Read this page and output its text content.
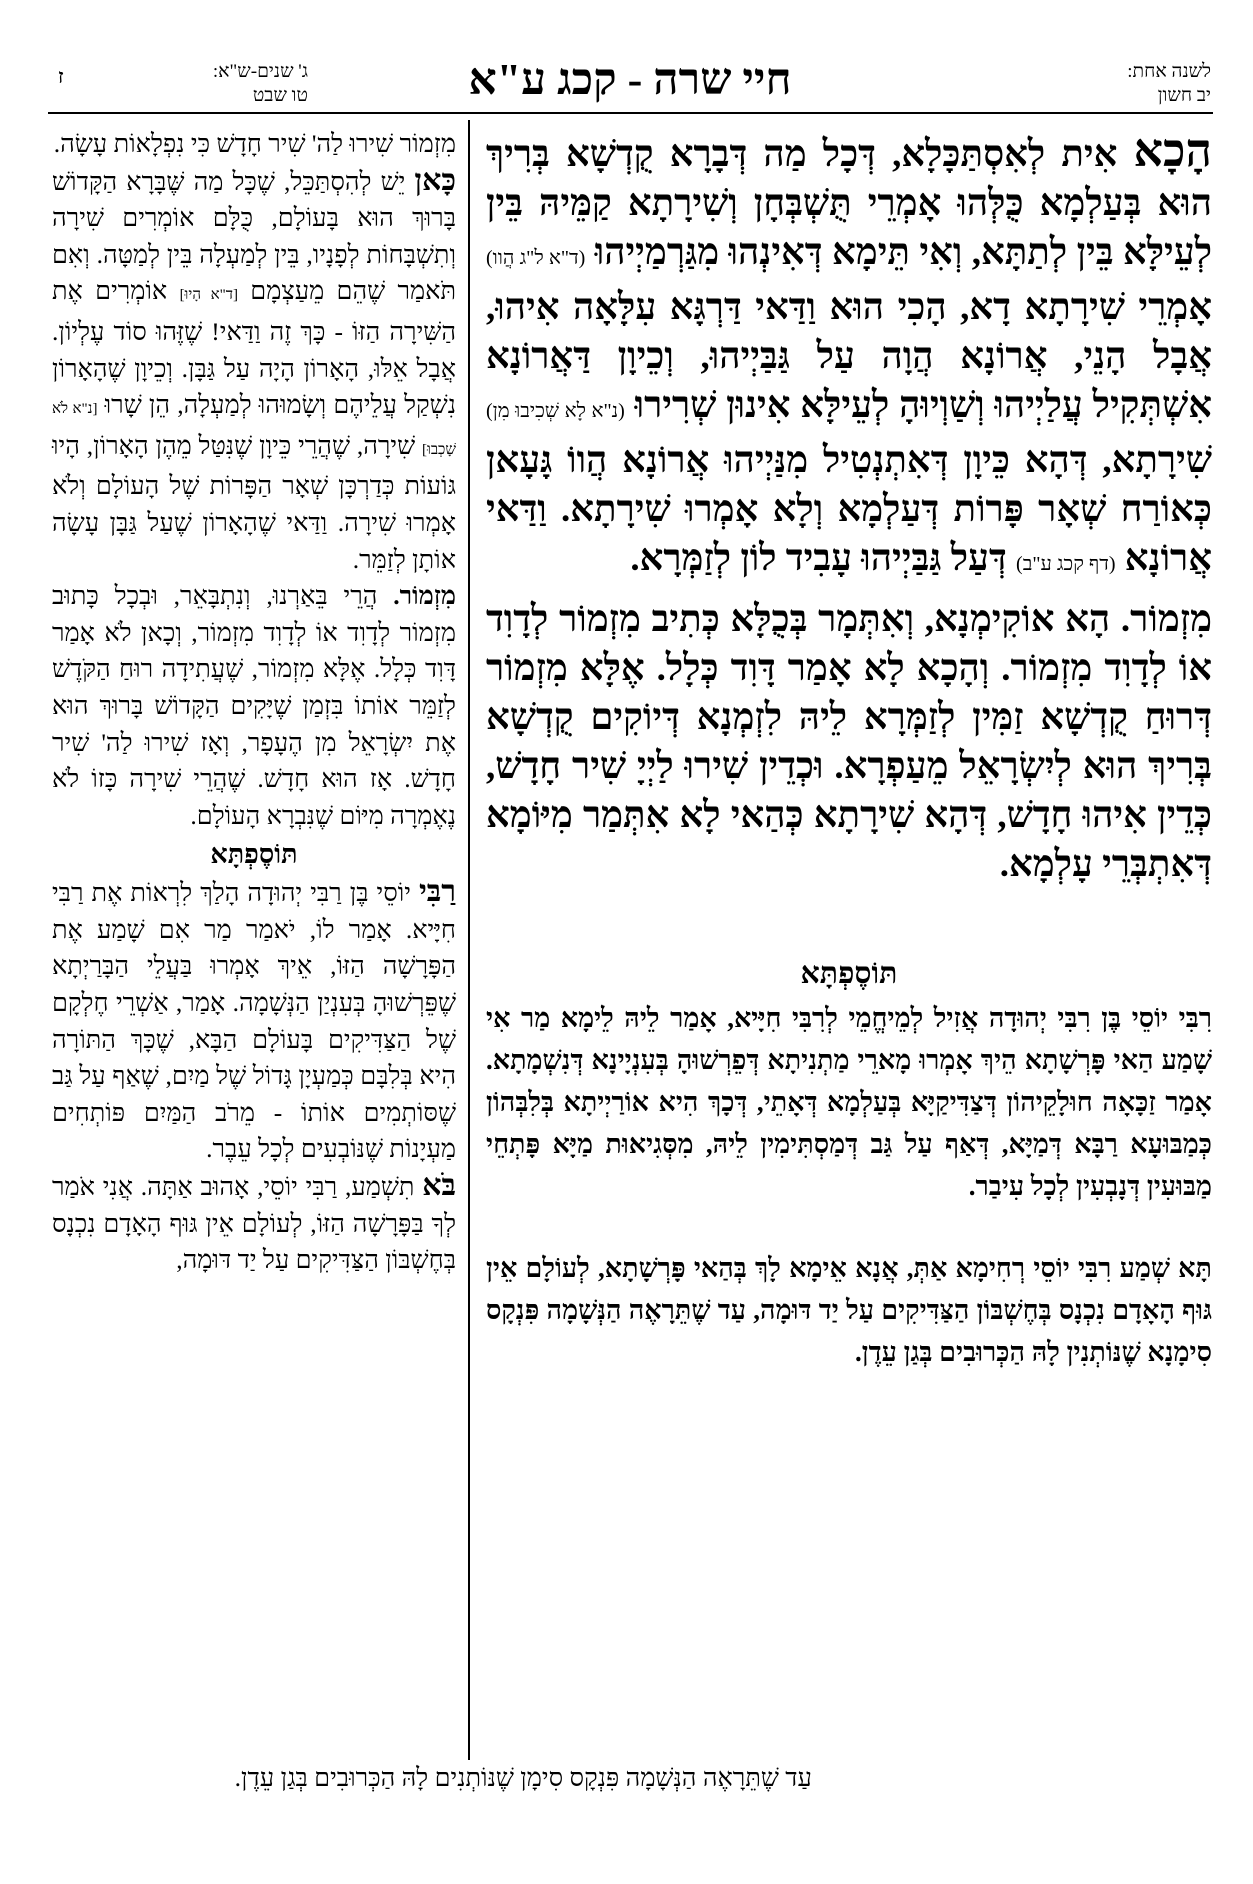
לשנה אחת:
יב חשון
חיי שרה - קכג ע"א
ג' שנים-ש"א:
טו שבט
ז

הָכָא אִית לְאִסְתַּכָּלָא, דְּכָל מַה דְּבָרָא קֻדְשָׁא בְּרִיךְ הוּא בְּעַלְמָא כֻּלְּהוּ אָמְרֵי תֻּשְׁבְּחָן וְשִׁירָתָא קַמֵּיהּ בֵּין לְעֵילָּא בֵּין לְתַתָּא, וְאִי תֵּימָא דְּאִינְהוּ מִגַּרְמַיְיהוּ (ד"א ל"ג הֲוו) אָמְרֵי שִׁירָתָא דָא, הָכִי הוּא וַדַּאי דַּרְגָּא עִלָּאָה אִיהוּ, אֲבָל הָנֵי, אֲרוֹנָא הֲוָה עַל גַּבַּיְיהוּ, וְכֵיוָן דַּאֲרוֹנָא אִשְׁתְּקִיל עֲלַיְיהוּ וְשַׁוְיוּהָ לְעֵילָּא אִינוּן שְׁרִירוּ (נ"א לָא שְׁכִיבוּ מִן) שִׁירָתָא, דְּהָא כֵּיוָן דְּאִתְנְטִיל מִנַּיְיהוּ אֲרוֹנָא הֲווֹ גָּעָאן כְּאוֹרַח שְׁאָר פָּרוֹת דְּעַלְמָא וְלָא אָמְרוּ שִׁירָתָא. וַדַּאי אֲרוֹנָא (דף קכג ע"ב) דְּעַל גַּבַּיְיהוּ עָבִיד לוֹן לְזַמְּרָא.

מִזְמוֹר. הָא אוֹקִימְנָא, וְאִתְּמָר בְּכֻלָּא כְּתִיב מִזְמוֹר לְדָוִד אוֹ לְדָוִד מִזְמוֹר. וְהָכָא לָא אָמַר דָּוִד כְּלָל. אֶלָּא מִזְמוֹר דְּרוּחַ קֻדְשָׁא זַמִּין לְזַמְּרָא לֵיהּ לִזְמְנָא דְּיוֹקִים קֻדְשָׁא בְּרִיךְ הוּא לְיִשְׂרָאֵל מֵעַפְרָא. וּכְדֵין שִׁירוּ לַיְיָ שִׁיר חָדָשׁ, כְּדֵין אִיהוּ חָדָשׁ, דְּהָא שִׁירָתָא כְּהַאי לָא אִתְּמַר מִיּוֹמָא דְּאִתְבְּרֵי עָלְמָא.

תּוֹסֶפְתָּא

רִבִּי יוֹסֵי בֶּן רִבִּי יְהוּדָה אֲזִיל לְמֵיחֱמֵי לְרִבִּי חִיָּיא, אָמַר לֵיהּ לֵימָא מַר אִי שָׁמַע הַאי פָּרְשָׁתָא הֵיךְ אָמְרוּ מָארֵי מַתְנִיתָא דְּפֵרְשׁוּהָ בְּעִנְיָינָא דְּנִשְׁמָתָא. אָמַר זַכָּאָה חוּלָקֵיהוֹן דְּצַדִּיקַיָּא בְּעַלְמָא דְּאָתֵי, דְּכָךְ הִיא אוֹרַיְיתָא בְּלִבְּהוֹן כְּמַבּוּעָא רַבָּא דְּמַיָּא, דְּאַף עַל גַּב דְּמַסְתִּימִין לֵיהּ, מִסְּגִיאוּת מַיָּא פָּתְחֵי מַבּוּעִין דְּנָבְעִין לְכָל עִיבַר.

תָּא שְׁמַע רִבִּי יוֹסֵי רְחִימָא אַתְּ, אֲנָא אֵימָא לָךְ בְּהַאי פָּרְשָׁתָא, לְעוֹלָם אֵין גּוּף הָאָדָם נִכְנָס בְּחֶשְׁבּוֹן הַצַּדִּיקִים עַל יַד דּוּמָה, עַד שֶׁתֵּרָאֶה הַנְּשָׁמָה פִּנְקָס סִימָנָא שֶׁנּוֹתְנִין לָהּ הַכְּרוּבִים בְּגַן עֵדֶן.

מִזְמוֹר שִׁירוּ לַה' שִׁיר חָדָשׁ כִּי נִפְלָאוֹת עָשָׂה.

כָּאן יֵשׁ לְהִסְתַּכֵּל, שֶׁכָּל מַה שֶּׁבָּרָא הַקָּדוֹשׁ בָּרוּךְ הוּא בָּעוֹלָם, כֻּלָּם אוֹמְרִים שִׁירָה וְתִשְׁבָּחוֹת לְפָנָיו, בֵּין לְמַעְלָה בֵּין לְמַטָּה. וְאִם תֹּאמַר שֶׁהֵם מֵעַצְמָם [ד"א הָיוּ] אוֹמְרִים אֶת הַשִּׁירָה הַזּוֹ - כָּךְ זֶה וַדַּאי! שֶׁזֶּהוּ סוֹד עֶלְיוֹן. אֲבָל אֵלּוּ, הָאָרוֹן הָיָה עַל גַּבָּן. וְכֵיוָן שֶׁהָאָרוֹן נִשְׁקַל עֲלֵיהֶם וְשָׂמוּהוּ לְמַעְלָה, הֵן שָׁרוּ [נ"א לֹא שָׁכְבוּ] שִׁירָה, שֶׁהֲרֵי כֵּיוָן שֶׁנִּטַּל מֵהֶן הָאָרוֹן, הָיוּ גּוֹעוֹת כְּדַרְכָּן שְׁאָר הַפָּרוֹת שֶׁל הָעוֹלָם וְלֹא אָמְרוּ שִׁירָה. וַדַּאי שֶׁהָאָרוֹן שֶׁעַל גַּבָּן עָשָׂה אוֹתָן לְזַמֵּר.

מִזְמוֹר. הֲרֵי בֵּאַרְנוּ, וְנִתְבָּאֵר, וּבְכָל כָּתוּב מִזְמוֹר לְדָוִד אוֹ לְדָוִד מִזְמוֹר, וְכָאן לֹא אָמַר דָּוִד כְּלָל. אֶלָּא מִזְמוֹר, שֶׁעֲתִידָה רוּחַ הַקֹּדֶשׁ לְזַמֵּר אוֹתוֹ בִּזְמַן שֶׁיָּקִים הַקָּדוֹשׁ בָּרוּךְ הוּא אֶת יִשְׂרָאֵל מִן הֶעָפָר, וְאָז שִׁירוּ לַה' שִׁיר חָדָשׁ. אָז הוּא חָדָשׁ. שֶׁהֲרֵי שִׁירָה כָּזוֹ לֹא נֶאֶמְרָה מִיּוֹם שֶׁנִּבְרָא הָעוֹלָם.

תּוֹסֶפְתָּא

רַבִּי יוֹסֵי בֶּן רַבִּי יְהוּדָה הָלַךְ לִרְאוֹת אֶת רַבִּי חִיָּיא. אָמַר לוֹ, יֹאמַר מַר אִם שָׁמַע אֶת הַפָּרָשָׁה הַזּוֹ, אֵיךְ אָמְרוּ בַּעֲלֵי הַבָּרַיְתָא שֶׁפֵּרְשׁוּהָ בְּעִנְיַן הַנְּשָׁמָה. אָמַר, אַשְׁרֵי חֶלְקָם שֶׁל הַצַּדִּיקִים בָּעוֹלָם הַבָּא, שֶׁכָּךְ הַתּוֹרָה הִיא בְּלִבָּם כְּמַעְיָן גָּדוֹל שֶׁל מַיִם, שֶׁאַף עַל גַּב שֶׁסּוֹתְמִים אוֹתוֹ - מֵרֹב הַמַּיִם פּוֹתְחִים מַעְיָנוֹת שֶׁנּוֹבְעִים לְכָל עֵבֶר.

בֹּא תִשְׁמַע, רַבִּי יוֹסֵי, אָהוּב אַתָּה. אֲנִי אֹמַר לְךָ בַּפָּרָשָׁה הַזּוֹ, לְעוֹלָם אֵין גּוּף הָאָדָם נִכְנָס בְּחֶשְׁבּוֹן הַצַּדִּיקִים עַל יַד דּוּמָה,

עַד שֶׁתֵּרָאֶה הַנְּשָׁמָה פִּנְקָס סִימָן שֶׁנּוֹתְנִים לָהּ הַכְּרוּבִים בְּגַן עֵדֶן.
